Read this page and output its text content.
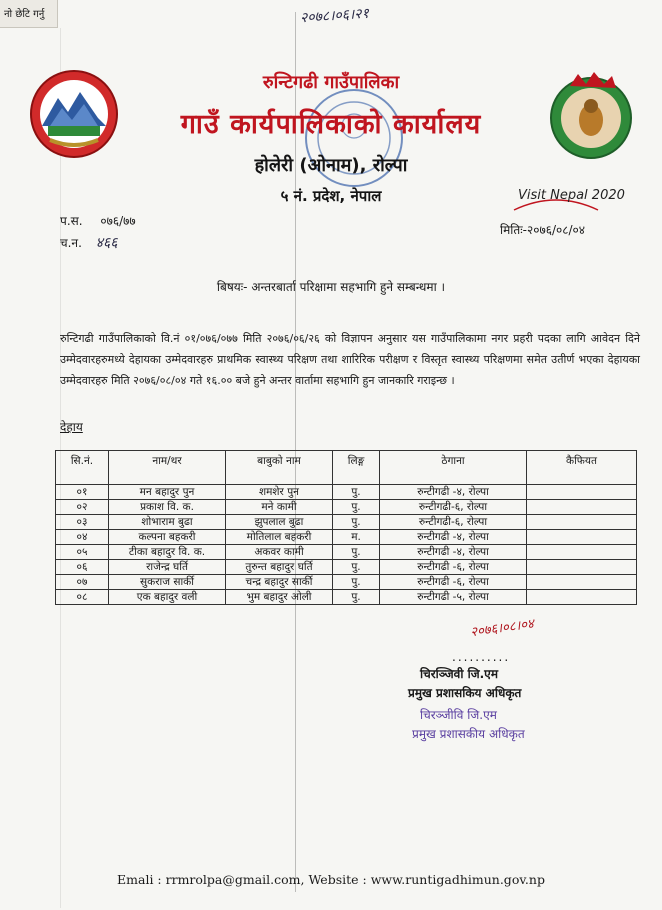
नो छेटि गर्नु	२०७८।०६।२१
रुन्टिगढी गाउँपालिका
गाउँ कार्यपालिकाको कार्यालय
होलेरी (ओनाम), रोल्पा
५ नं. प्रदेश, नेपाल	Visit Nepal 2020
प.स. ०७६/७७
च.न. ४६६
मितिः-२०७६/०८/०४
बिषयः- अन्तरबार्ता परिक्षामा सहभागि हुने सम्बन्धमा ।
रुन्टिगढी गाउँपालिकाको वि.नं ०१/०७६/०७७ मिति २०७६/०६/२६ को विज्ञापन अनुसार यस गाउँपालिकामा नगर प्रहरी पदका लागि आवेदन दिने उम्मेदवारहरुमध्ये देहायका उम्मेदवारहरु प्राथमिक स्वास्थ्य परिक्षण तथा शारिरिक परीक्षण र विस्तृत स्वास्थ्य परिक्षणमा समेत उतीर्ण भएका देहायका उम्मेदवारहरु मिति २०७६/०८/०४ गते १६.०० बजे हुने अन्तर वार्तामा सहभागि हुन जानकारि गराइन्छ ।
देहाय
सि.नं.	नाम/थर	बाबुको नाम	लिङ्ग	ठेगाना	कैफियत
०१	मन बहादुर पुन	शमशेर पुन	पु.	रुन्टीगढी -४, रोल्पा	
०२	प्रकाश वि. क.	मने कामी	पु.	रुन्टीगढी-६, रोल्पा	
०३	शोभाराम बुढा	झुपलाल बुढा	पु.	रुन्टीगढी-६, रोल्पा	
०४	कल्पना बहकरी	मोतिलाल बहकरी	म.	रुन्टीगढी -४, रोल्पा	
०५	टीका बहादुर वि. क.	अकवर कामी	पु.	रुन्टीगढी -४, रोल्पा	
०६	राजेन्द्र घर्ति	तुरुन्त बहादुर घर्ति	पु.	रुन्टीगढी -६, रोल्पा	
०७	सुकराज सार्की	चन्द्र बहादुर सार्की	पु.	रुन्टीगढी -६, रोल्पा	
०८	एक बहादुर वली	भुम बहादुर ओली	पु.	रुन्टीगढी -५, रोल्पा	
२०७६।०८।०४
..........
चिरञ्जिवी जि.एम
प्रमुख प्रशासकिय अधिकृत
चिरञ्जीवि जि.एम
प्रमुख प्रशासकीय अधिकृत
Emali : rrmrolpa@gmail.com, Website : www.runtigadhimun.gov.np
